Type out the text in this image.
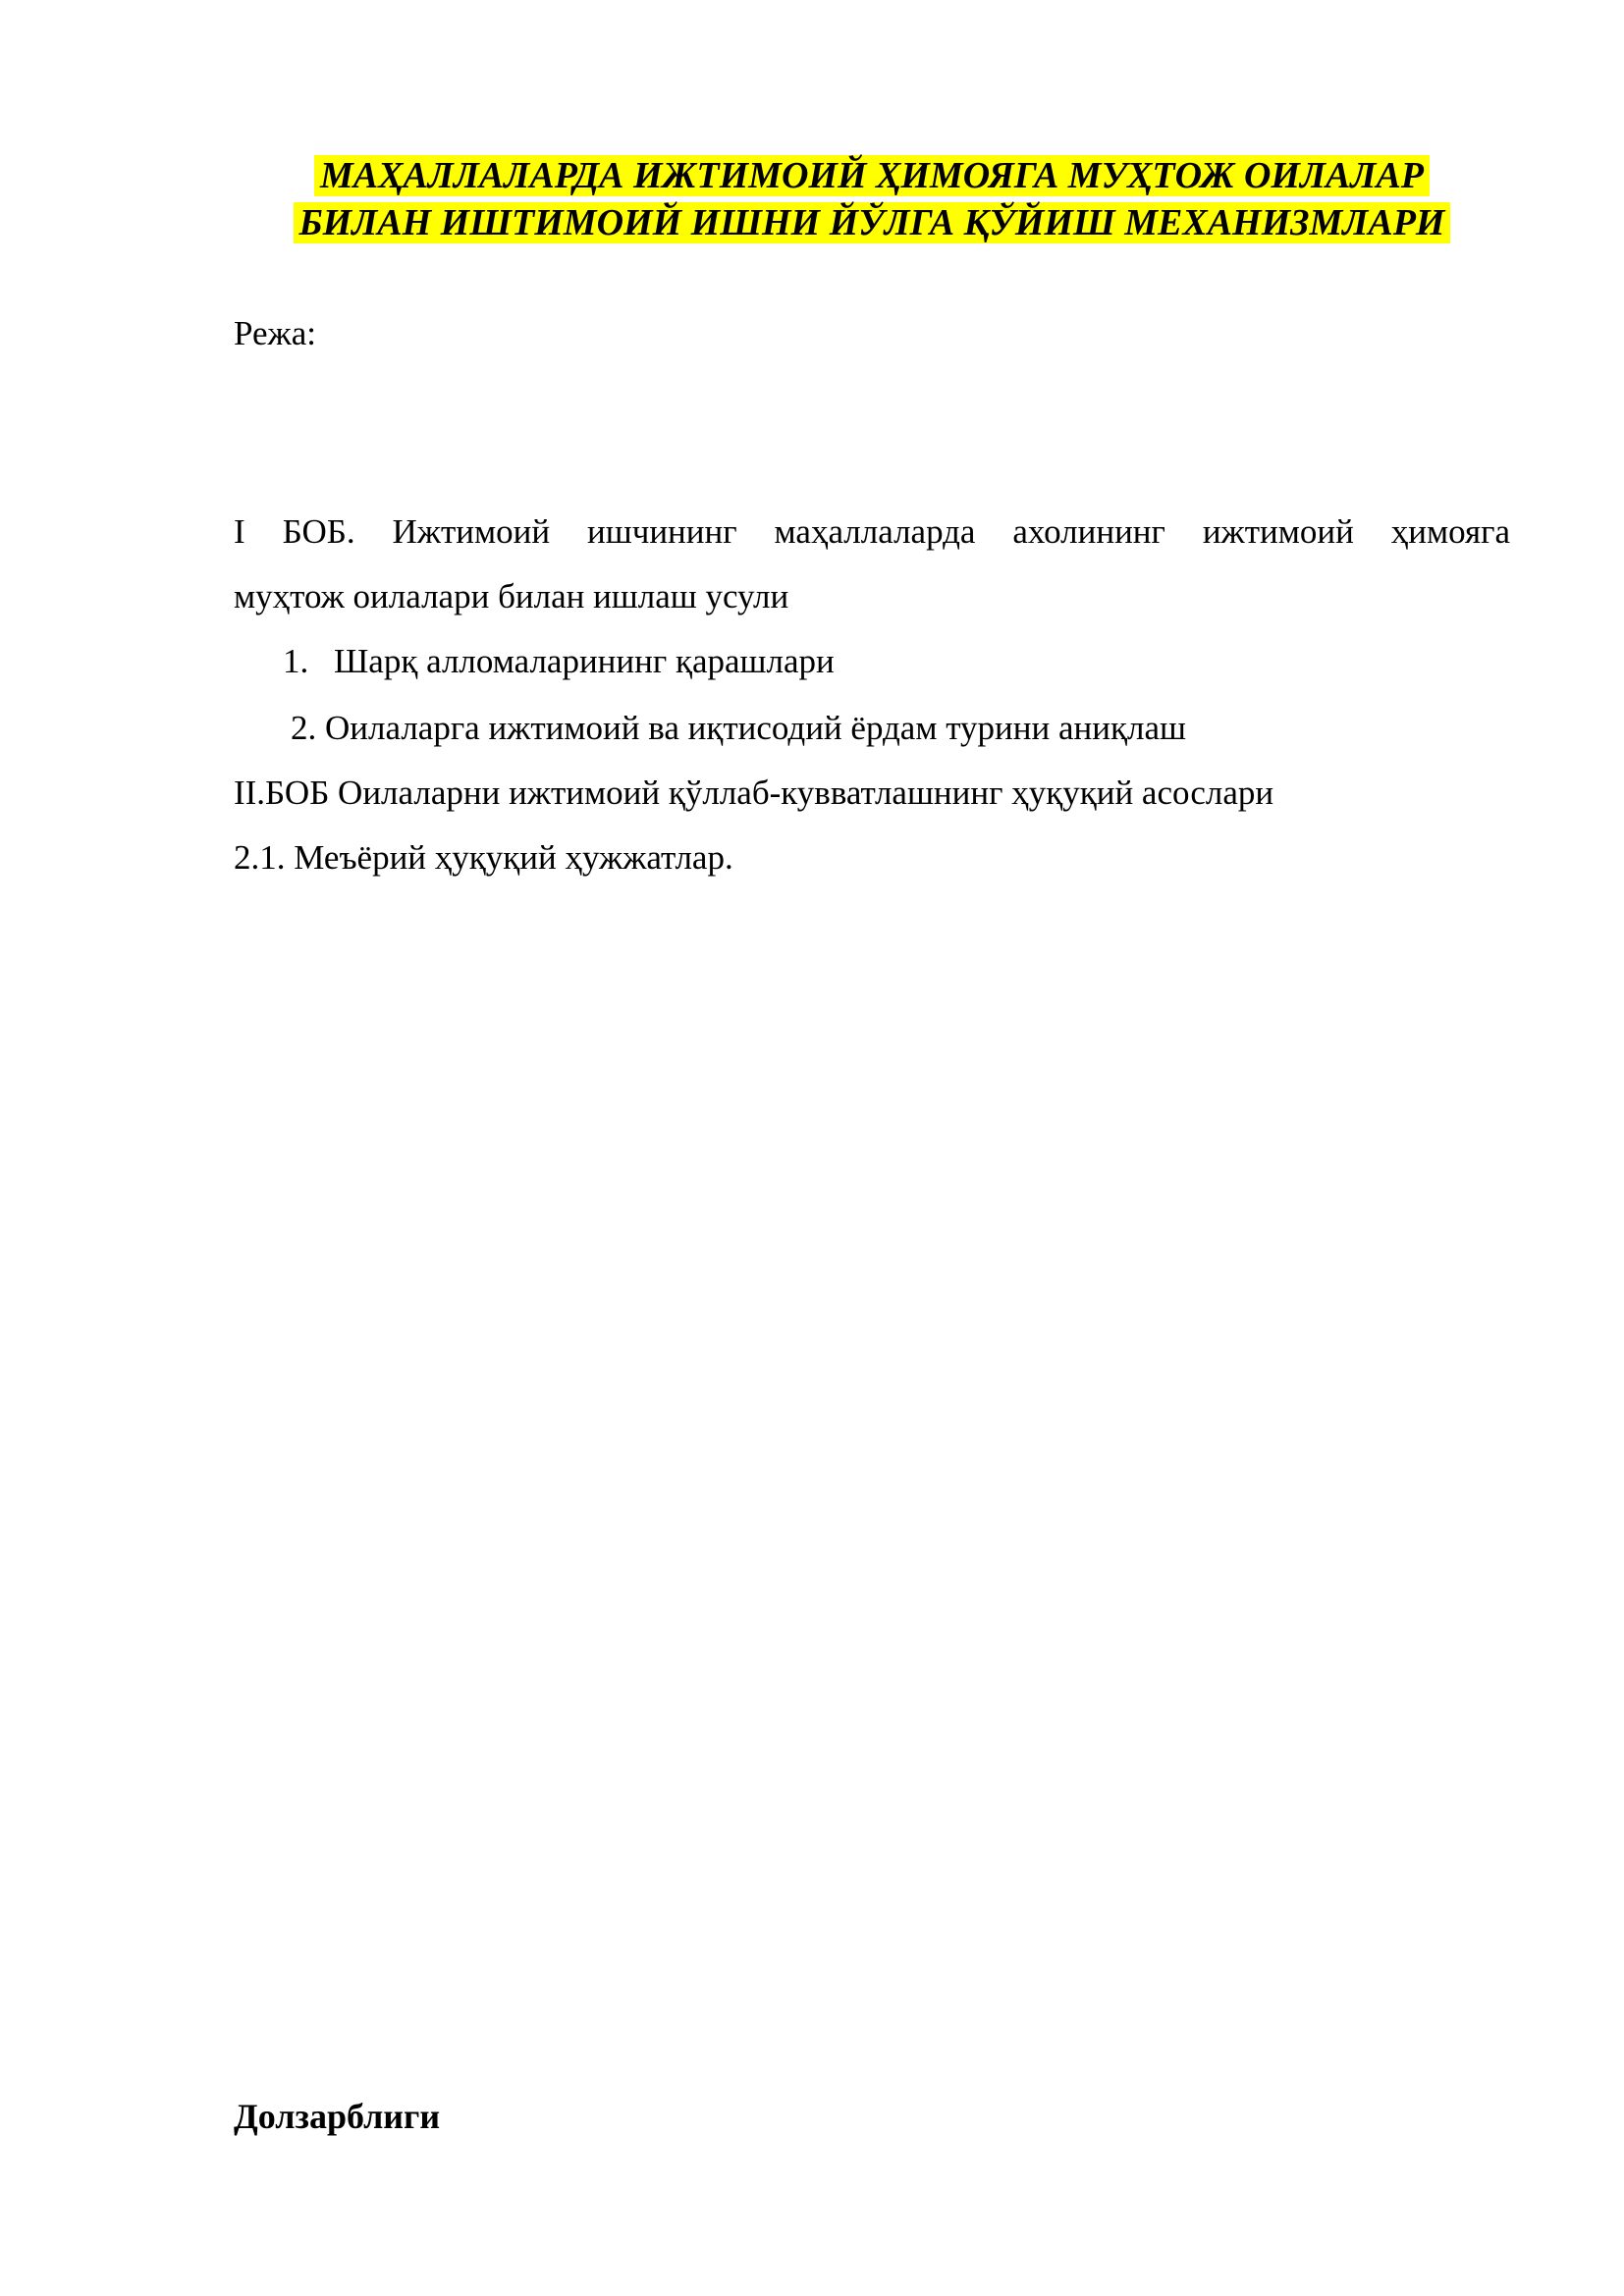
МАҲАЛЛАЛАРДА ИЖТИМОИЙ ҲИМОЯГА МУҲТОЖ ОИЛАЛАР
БИЛАН ИШТИМОИЙ ИШНИ ЙЎЛГА ҚЎЙИШ МЕХАНИЗМЛАРИ
Режа:
I БОБ. Ижтимоий ишчининг маҳаллаларда ахолининг ижтимоий ҳимояга
муҳтож оилалари билан ишлаш усули
1. Шарқ алломаларининг қарашлари
2. Оилаларга ижтимоий ва иқтисодий ёрдам турини аниқлаш
II.БОБ Оилаларни ижтимоий қўллаб-кувватлашнинг ҳуқуқий асослари
2.1. Меъёрий ҳуқуқий ҳужжатлар.
Долзарблиги
